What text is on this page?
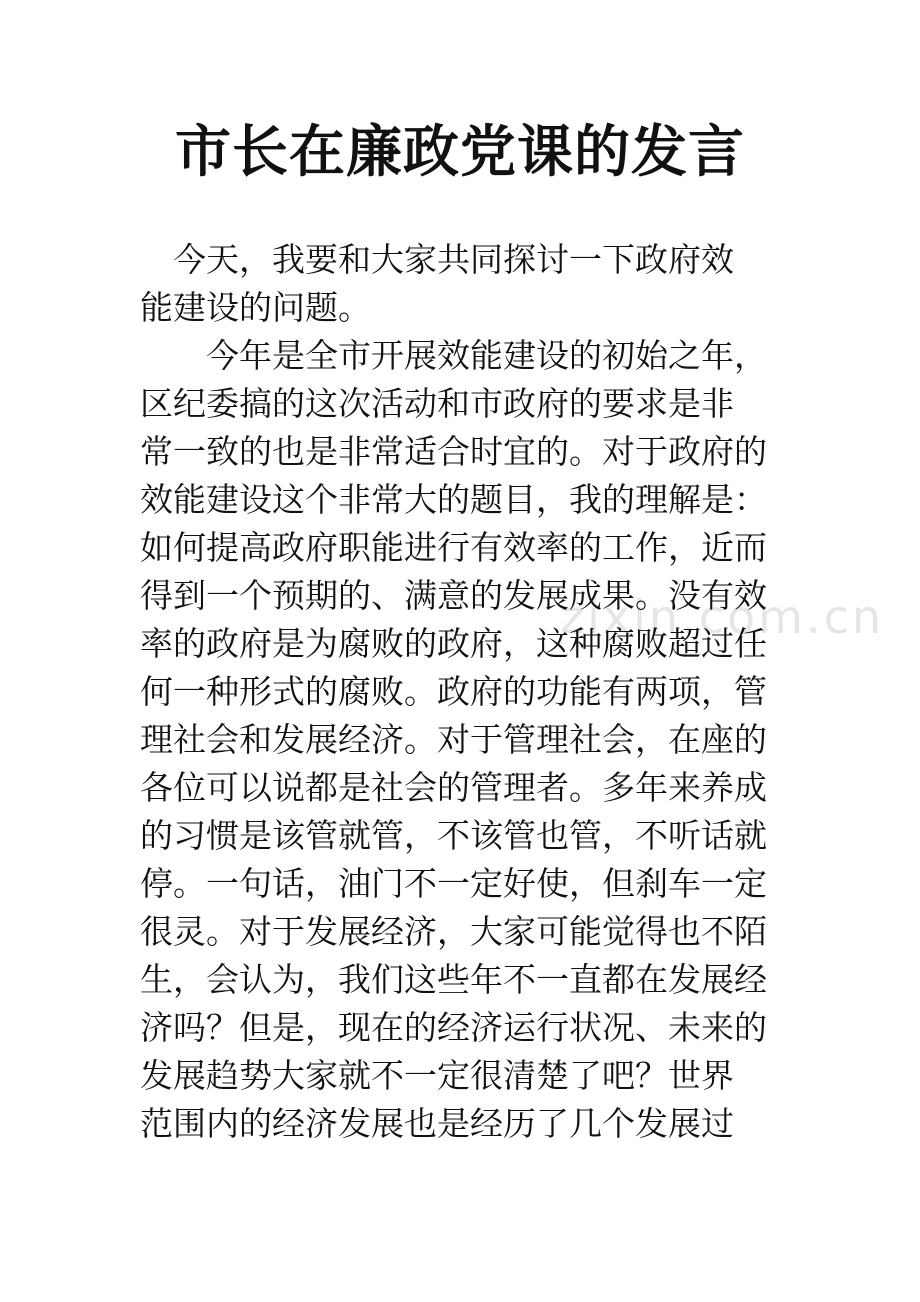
市长在廉政党课的发言
zixin.com.cn

　今天，我要和大家共同探讨一下政府效

能建设的问题。

　　今年是全市开展效能建设的初始之年，

区纪委搞的这次活动和市政府的要求是非

常一致的也是非常适合时宜的。对于政府的

效能建设这个非常大的题目，我的理解是：

如何提高政府职能进行有效率的工作，近而

得到一个预期的、满意的发展成果。没有效

率的政府是为腐败的政府，这种腐败超过任

何一种形式的腐败。政府的功能有两项，管

理社会和发展经济。对于管理社会，在座的

各位可以说都是社会的管理者。多年来养成

的习惯是该管就管，不该管也管，不听话就

停。一句话，油门不一定好使，但刹车一定

很灵。对于发展经济，大家可能觉得也不陌

生，会认为，我们这些年不一直都在发展经

济吗？但是，现在的经济运行状况、未来的

发展趋势大家就不一定很清楚了吧？世界

范围内的经济发展也是经历了几个发展过
